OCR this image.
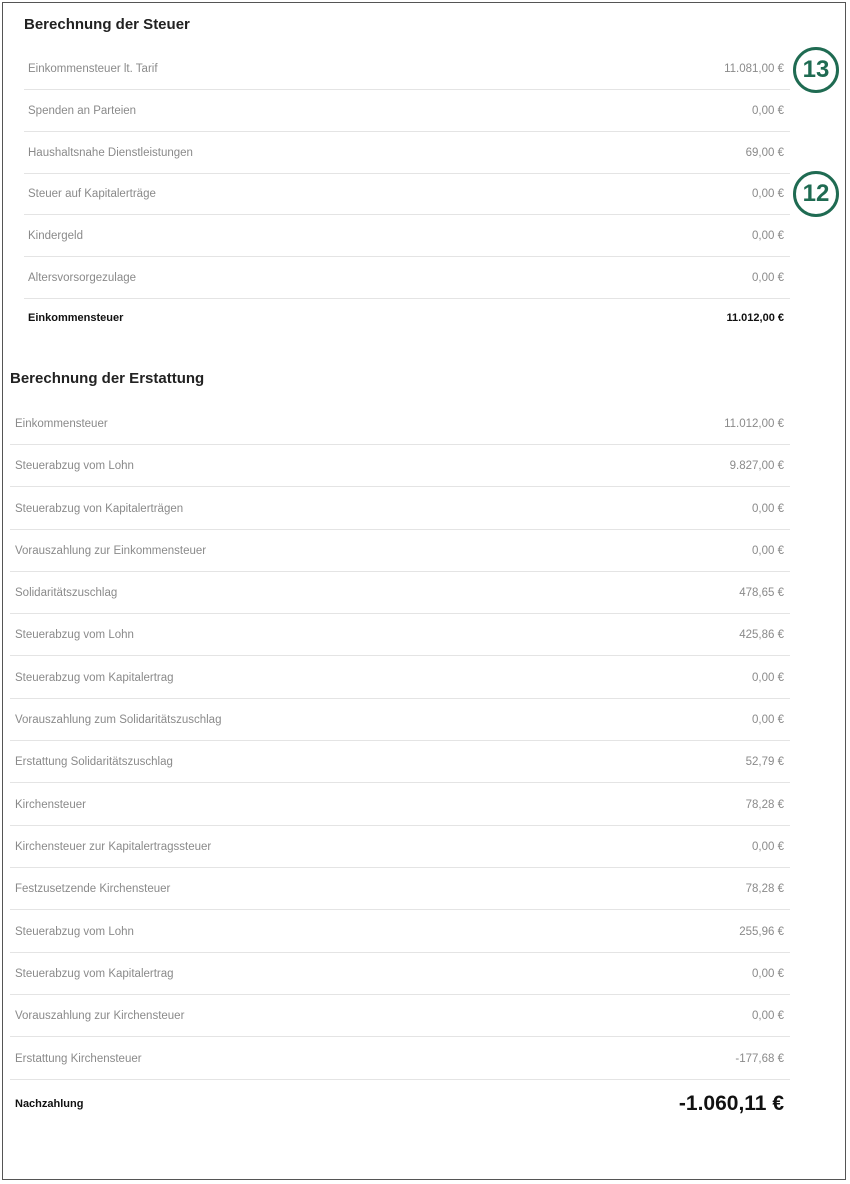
Berechnung der Steuer
Einkommensteuer lt. Tarif	11.081,00 €
Spenden an Parteien	0,00 €
Haushaltsnahe Dienstleistungen	69,00 €
Steuer auf Kapitalerträge	0,00 €
Kindergeld	0,00 €
Altersvorsorgezulage	0,00 €
Einkommensteuer	11.012,00 €
13
12
Berechnung der Erstattung
Einkommensteuer	11.012,00 €
Steuerabzug vom Lohn	9.827,00 €
Steuerabzug von Kapitalerträgen	0,00 €
Vorauszahlung zur Einkommensteuer	0,00 €
Solidaritätszuschlag	478,65 €
Steuerabzug vom Lohn	425,86 €
Steuerabzug vom Kapitalertrag	0,00 €
Vorauszahlung zum Solidaritätszuschlag	0,00 €
Erstattung Solidaritätszuschlag	52,79 €
Kirchensteuer	78,28 €
Kirchensteuer zur Kapitalertragssteuer	0,00 €
Festzusetzende Kirchensteuer	78,28 €
Steuerabzug vom Lohn	255,96 €
Steuerabzug vom Kapitalertrag	0,00 €
Vorauszahlung zur Kirchensteuer	0,00 €
Erstattung Kirchensteuer	-177,68 €
Nachzahlung	-1.060,11 €
